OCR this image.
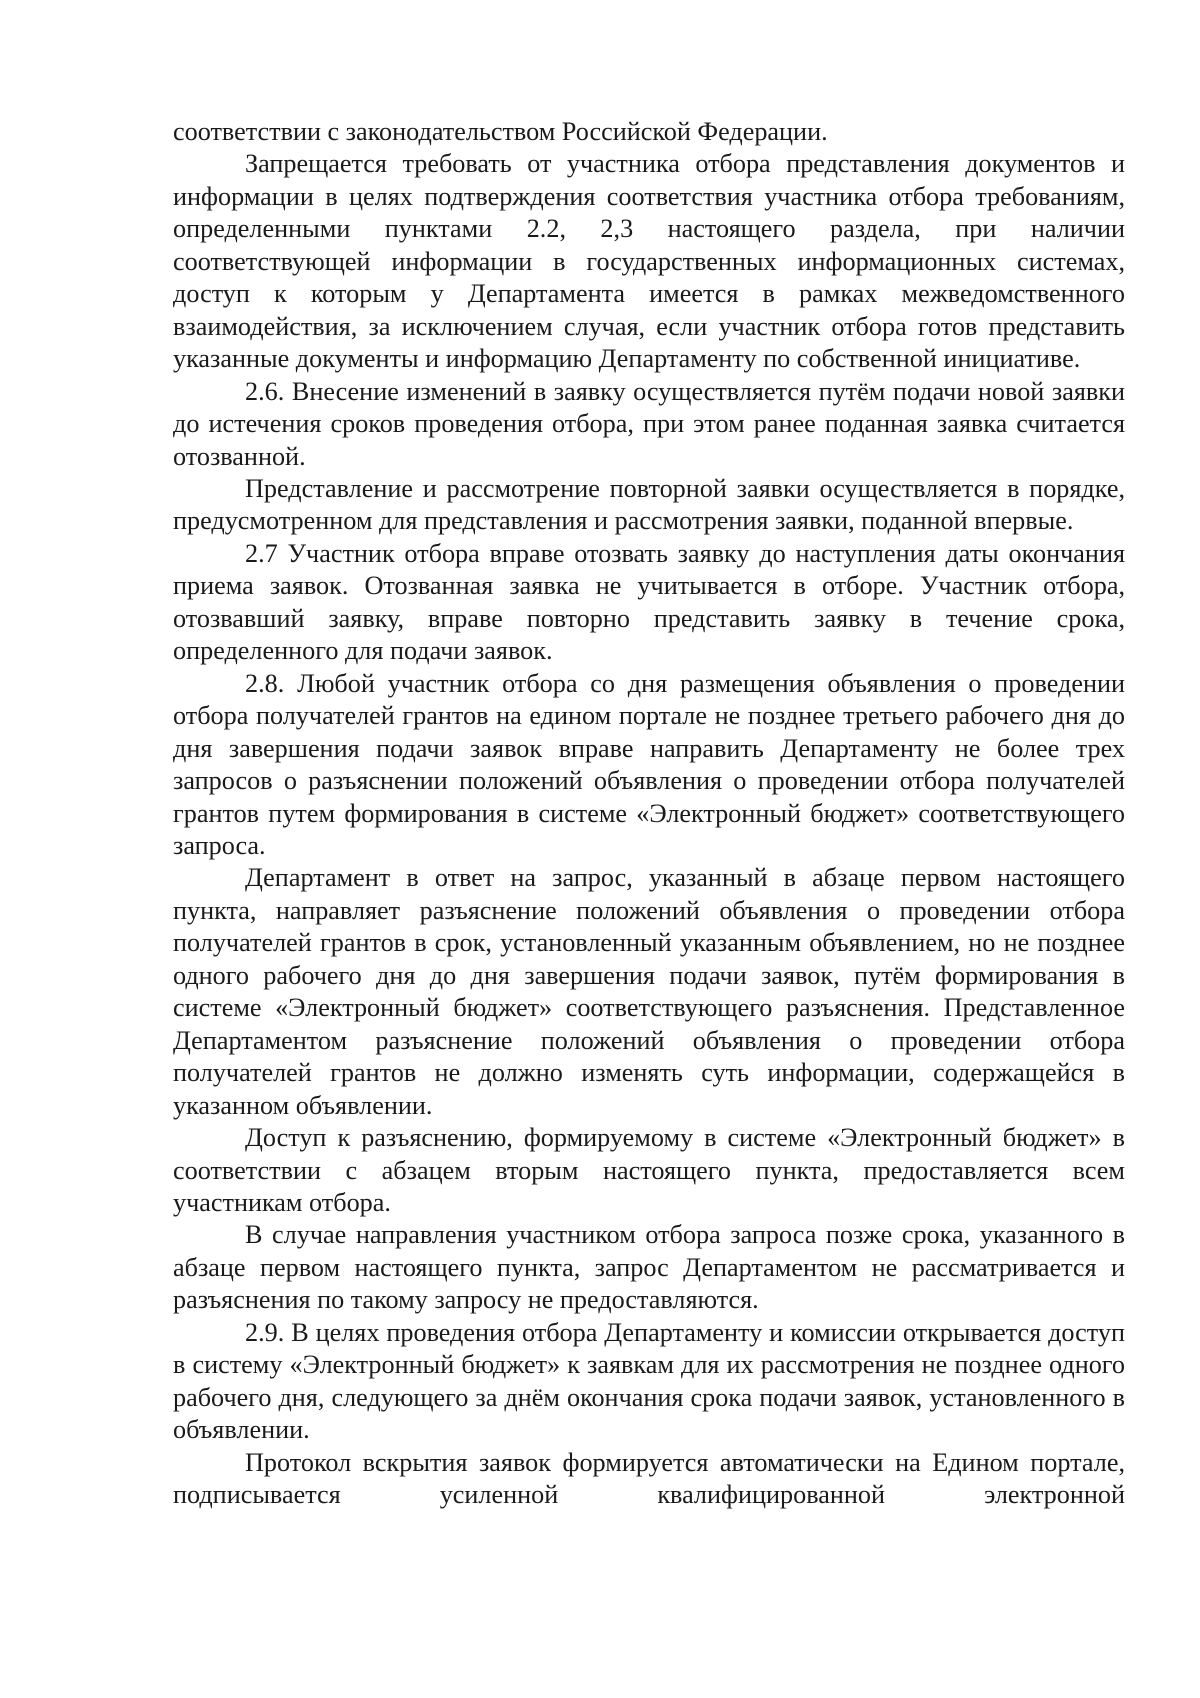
соответствии с законодательством Российской Федерации.

Запрещается требовать от участника отбора представления документов и информации в целях подтверждения соответствия участника отбора требованиям, определенными пунктами 2.2, 2,3 настоящего раздела, при наличии соответствующей информации в государственных информационных системах, доступ к которым у Департамента имеется в рамках межведомственного взаимодействия, за исключением случая, если участник отбора готов представить указанные документы и информацию Департаменту по собственной инициативе.

2.6. Внесение изменений в заявку осуществляется путём подачи новой заявки до истечения сроков проведения отбора, при этом ранее поданная заявка считается отозванной.

Представление и рассмотрение повторной заявки осуществляется в порядке, предусмотренном для представления и рассмотрения заявки, поданной впервые.

2.7 Участник отбора вправе отозвать заявку до наступления даты окончания приема заявок. Отозванная заявка не учитывается в отборе. Участник отбора, отозвавший заявку, вправе повторно представить заявку в течение срока, определенного для подачи заявок.

2.8. Любой участник отбора со дня размещения объявления о проведении отбора получателей грантов на едином портале не позднее третьего рабочего дня до дня завершения подачи заявок вправе направить Департаменту не более трех запросов о разъяснении положений объявления о проведении отбора получателей грантов путем формирования в системе «Электронный бюджет» соответствующего запроса.

Департамент в ответ на запрос, указанный в абзаце первом настоящего пункта, направляет разъяснение положений объявления о проведении отбора получателей грантов в срок, установленный указанным объявлением, но не позднее одного рабочего дня до дня завершения подачи заявок, путём формирования в системе «Электронный бюджет» соответствующего разъяснения. Представленное Департаментом разъяснение положений объявления о проведении отбора получателей грантов не должно изменять суть информации, содержащейся в указанном объявлении.

Доступ к разъяснению, формируемому в системе «Электронный бюджет» в соответствии с абзацем вторым настоящего пункта, предоставляется всем участникам отбора.

В случае направления участником отбора запроса позже срока, указанного в абзаце первом настоящего пункта, запрос Департаментом не рассматривается и разъяснения по такому запросу не предоставляются.

2.9. В целях проведения отбора Департаменту и комиссии открывается доступ в систему «Электронный бюджет» к заявкам для их рассмотрения не позднее одного рабочего дня, следующего за днём окончания срока подачи заявок, установленного в объявлении.

Протокол вскрытия заявок формируется автоматически на Едином портале, подписывается усиленной квалифицированной электронной
